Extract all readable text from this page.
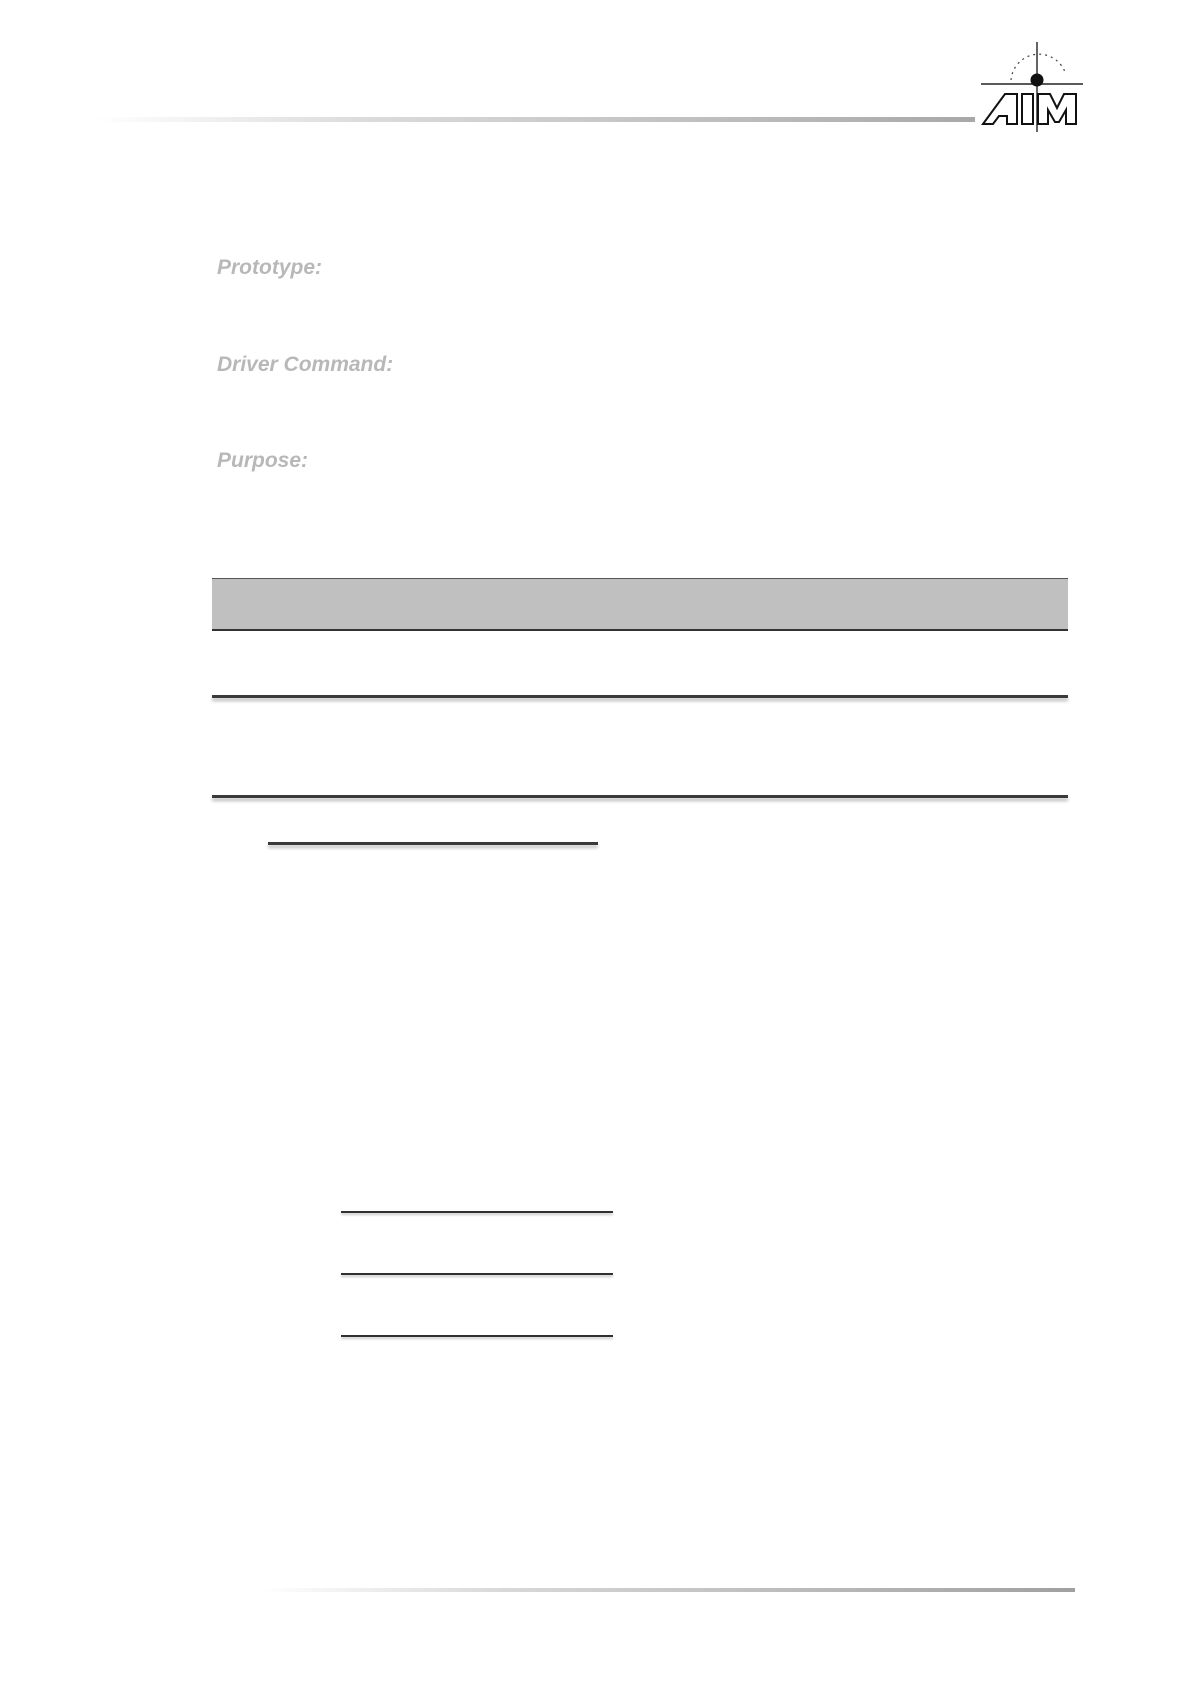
Prototype:
Driver Command:
Purpose:
